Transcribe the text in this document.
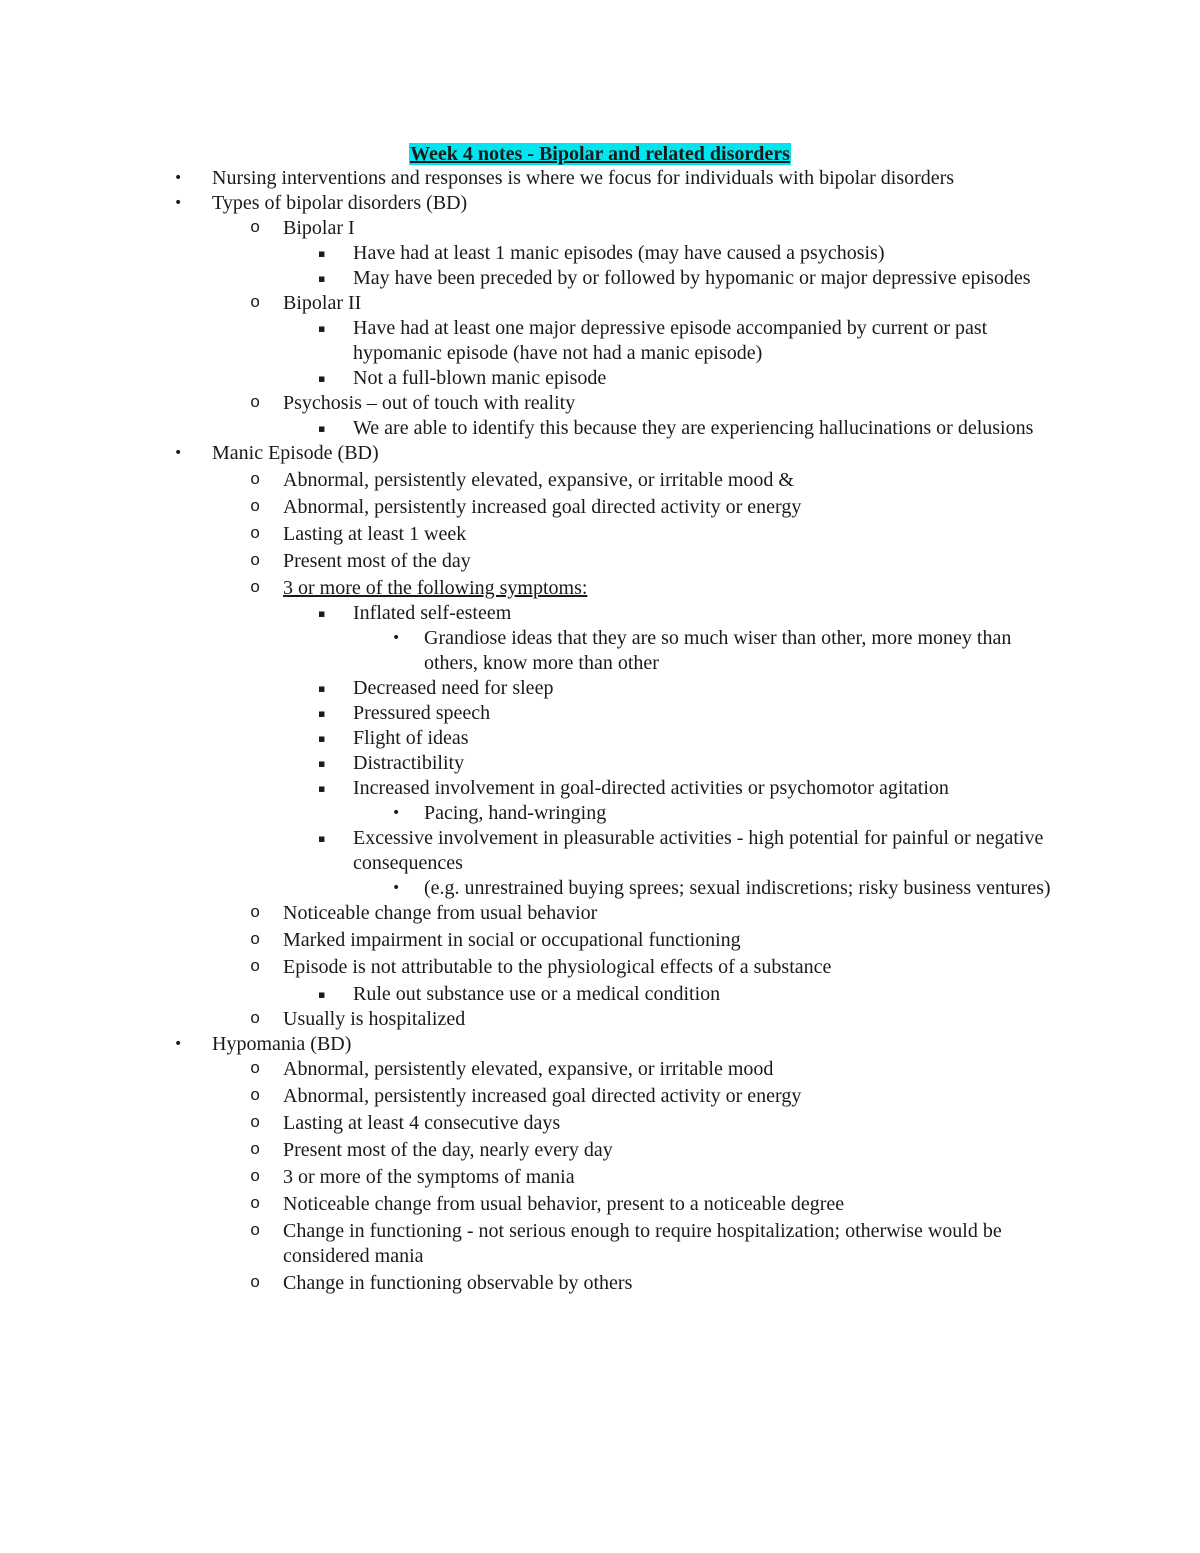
Week 4 notes - Bipolar and related disorders
• Nursing interventions and responses is where we focus for individuals with bipolar disorders
• Types of bipolar disorders (BD)
o Bipolar I
▪ Have had at least 1 manic episodes (may have caused a psychosis)
▪ May have been preceded by or followed by hypomanic or major depressive episodes
o Bipolar II
▪ Have had at least one major depressive episode accompanied by current or past hypomanic episode (have not had a manic episode)
▪ Not a full-blown manic episode
o Psychosis – out of touch with reality
▪ We are able to identify this because they are experiencing hallucinations or delusions
• Manic Episode (BD)
o Abnormal, persistently elevated, expansive, or irritable mood &
o Abnormal, persistently increased goal directed activity or energy
o Lasting at least 1 week
o Present most of the day
o 3 or more of the following symptoms:
▪ Inflated self-esteem
• Grandiose ideas that they are so much wiser than other, more money than others, know more than other
▪ Decreased need for sleep
▪ Pressured speech
▪ Flight of ideas
▪ Distractibility
▪ Increased involvement in goal-directed activities or psychomotor agitation
• Pacing, hand-wringing
▪ Excessive involvement in pleasurable activities - high potential for painful or negative consequences
• (e.g. unrestrained buying sprees; sexual indiscretions; risky business ventures)
o Noticeable change from usual behavior
o Marked impairment in social or occupational functioning
o Episode is not attributable to the physiological effects of a substance
▪ Rule out substance use or a medical condition
o Usually is hospitalized
• Hypomania (BD)
o Abnormal, persistently elevated, expansive, or irritable mood
o Abnormal, persistently increased goal directed activity or energy
o Lasting at least 4 consecutive days
o Present most of the day, nearly every day
o 3 or more of the symptoms of mania
o Noticeable change from usual behavior, present to a noticeable degree
o Change in functioning - not serious enough to require hospitalization; otherwise would be considered mania
o Change in functioning observable by others
